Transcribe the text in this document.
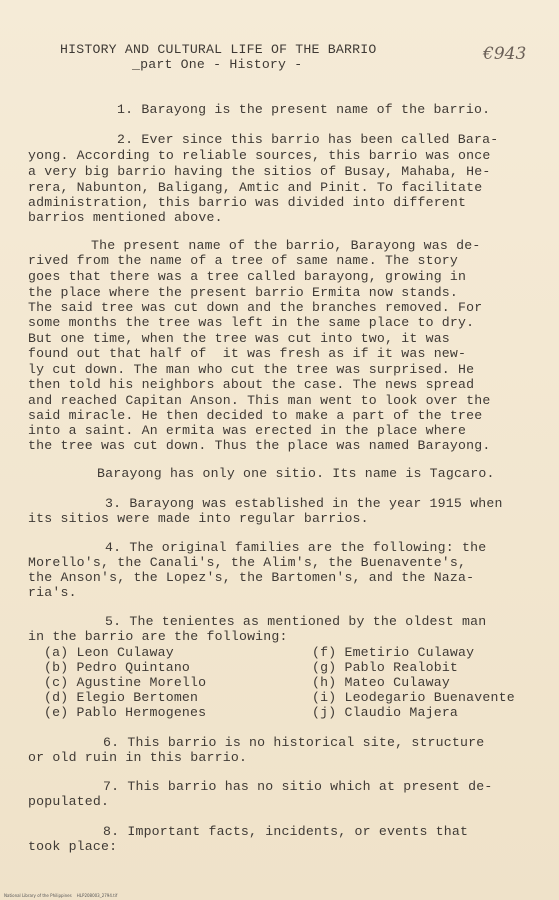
HISTORY AND CULTURAL LIFE OF THE BARRIO
_part One - History -
€943
1. Barayong is the present name of the barrio.
2. Ever since this barrio has been called Bara-
yong. According to reliable sources, this barrio was once
a very big barrio having the sitios of Busay, Mahaba, He-
rera, Nabunton, Baligang, Amtic and Pinit. To facilitate
administration, this barrio was divided into different
barrios mentioned above.
The present name of the barrio, Barayong was de-
rived from the name of a tree of same name. The story
goes that there was a tree called barayong, growing in
the place where the present barrio Ermita now stands.
The said tree was cut down and the branches removed. For
some months the tree was left in the same place to dry.
But one time, when the tree was cut into two, it was
found out that half of  it was fresh as if it was new-
ly cut down. The man who cut the tree was surprised. He
then told his neighbors about the case. The news spread
and reached Capitan Anson. This man went to look over the
said miracle. He then decided to make a part of the tree
into a saint. An ermita was erected in the place where
the tree was cut down. Thus the place was named Barayong.
Barayong has only one sitio. Its name is Tagcaro.
3. Barayong was established in the year 1915 when
its sitios were made into regular barrios.
4. The original families are the following: the
Morello's, the Canali's, the Alim's, the Buenavente's,
the Anson's, the Lopez's, the Bartomen's, and the Naza-
ria's.
5. The tenientes as mentioned by the oldest man
in the barrio are the following:
(a) Leon Culaway
(b) Pedro Quintano
(c) Agustine Morello
(d) Elegio Bertomen
(e) Pablo Hermogenes
(f) Emetirio Culaway
(g) Pablo Realobit
(h) Mateo Culaway
(i) Leodegario Buenavente
(j) Claudio Majera
6. This barrio is no historical site, structure
or old ruin in this barrio.
7. This barrio has no sitio which at present de-
populated.
8. Important facts, incidents, or events that
took place:
National Library of the Philippines    HLP208003_2794.tif
